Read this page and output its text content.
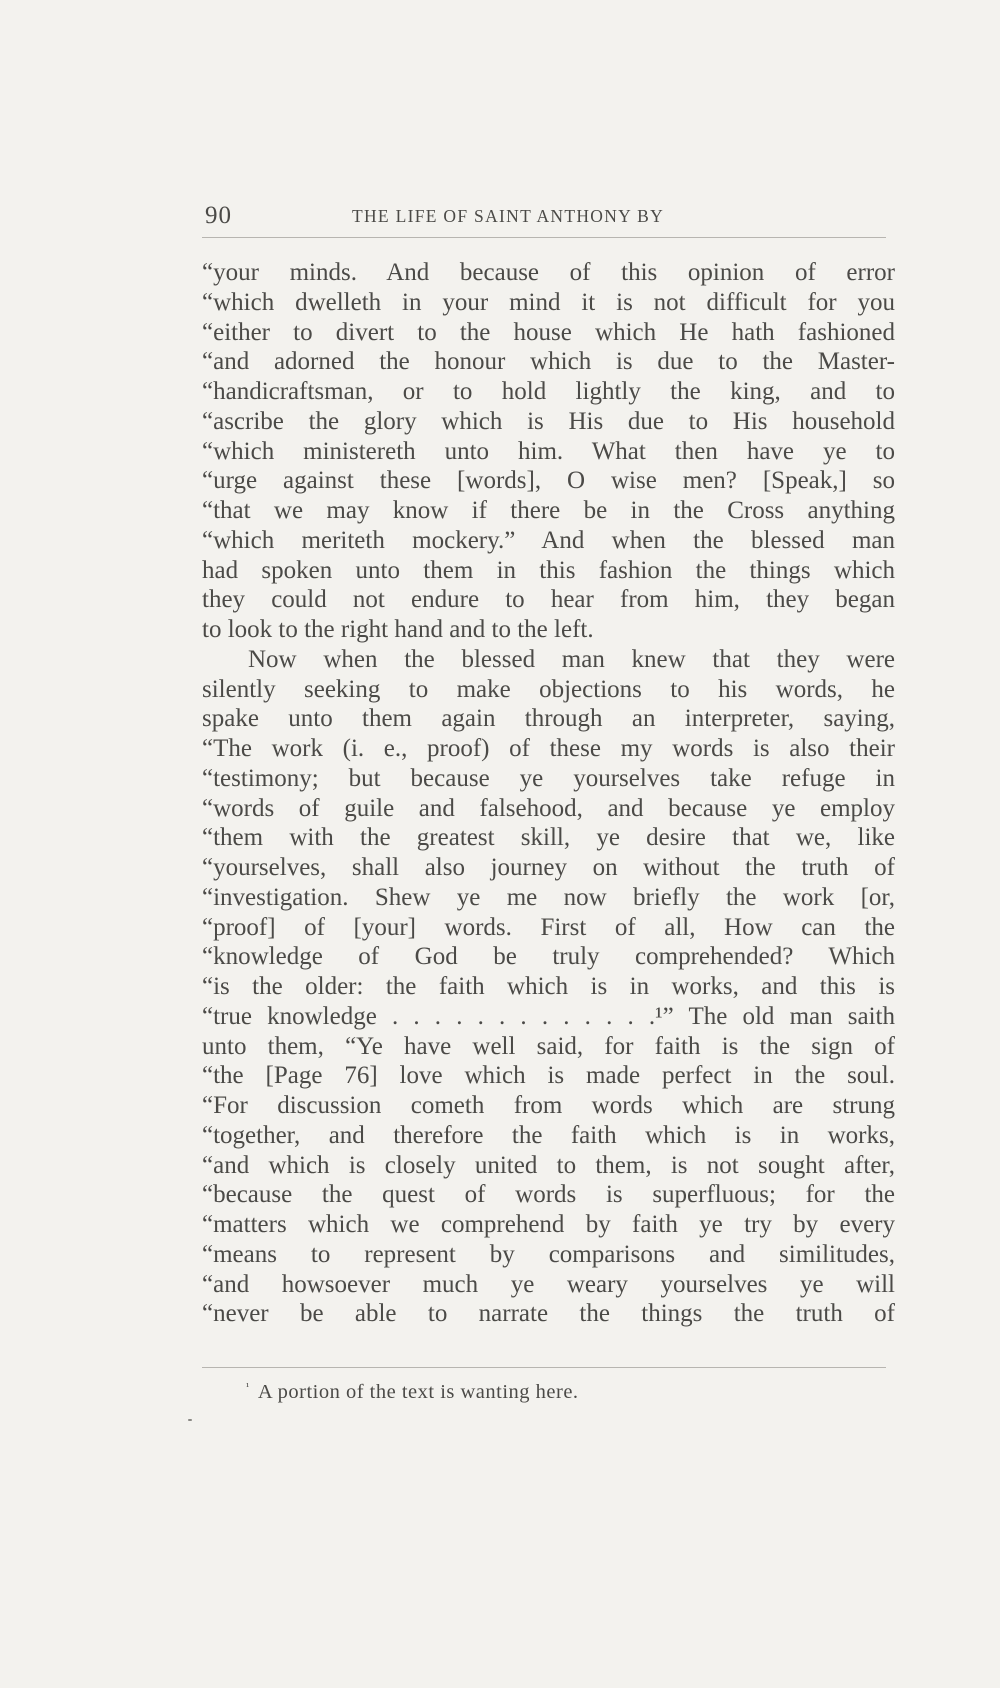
90	THE LIFE OF SAINT ANTHONY BY
“your minds. And because of this opinion of error
“which dwelleth in your mind it is not difficult for you
“either to divert to the house which He hath fashioned
“and adorned the honour which is due to the Master-
“handicraftsman, or to hold lightly the king, and to
“ascribe the glory which is His due to His household
“which ministereth unto him. What then have ye to
“urge against these [words], O wise men? [Speak,] so
“that we may know if there be in the Cross anything
“which meriteth mockery.” And when the blessed man
had spoken unto them in this fashion the things which
they could not endure to hear from him, they began
to look to the right hand and to the left.
Now when the blessed man knew that they were
silently seeking to make objections to his words, he
spake unto them again through an interpreter, saying,
“The work (i. e., proof) of these my words is also their
“testimony; but because ye yourselves take refuge in
“words of guile and falsehood, and because ye employ
“them with the greatest skill, ye desire that we, like
“yourselves, shall also journey on without the truth of
“investigation. Shew ye me now briefly the work [or,
“proof] of [your] words. First of all, How can the
“knowledge of God be truly comprehended? Which
“is the older: the faith which is in works, and this is
“true knowledge . . . . . . . . . . . . .¹” The old man saith
unto them, “Ye have well said, for faith is the sign of
“the [Page 76] love which is made perfect in the soul.
“For discussion cometh from words which are strung
“together, and therefore the faith which is in works,
“and which is closely united to them, is not sought after,
“because the quest of words is superfluous; for the
“matters which we comprehend by faith ye try by every
“means to represent by comparisons and similitudes,
“and howsoever much ye weary yourselves ye will
“never be able to narrate the things the truth of
$^{^1}$ A portion of the text is wanting here.
